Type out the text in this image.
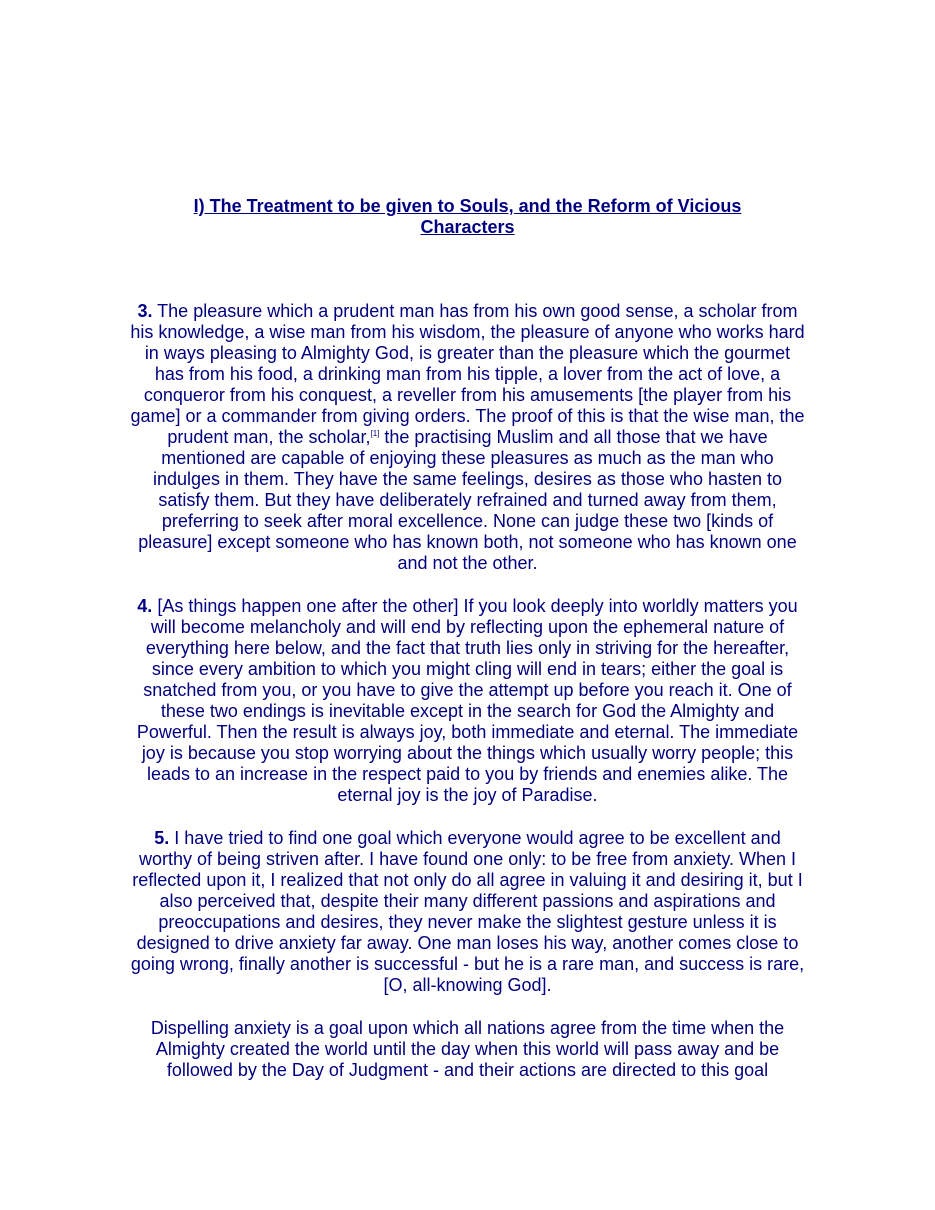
I) The Treatment to be given to Souls, and the Reform of Vicious
Characters

3. The pleasure which a prudent man has from his own good sense, a scholar from his knowledge, a wise man from his wisdom, the pleasure of anyone who works hard in ways pleasing to Almighty God, is greater than the pleasure which the gourmet has from his food, a drinking man from his tipple, a lover from the act of love, a conqueror from his conquest, a reveller from his amusements [the player from his game] or a commander from giving orders. The proof of this is that the wise man, the prudent man, the scholar,[1] the practising Muslim and all those that we have mentioned are capable of enjoying these pleasures as much as the man who indulges in them. They have the same feelings, desires as those who hasten to satisfy them. But they have deliberately refrained and turned away from them, preferring to seek after moral excellence. None can judge these two [kinds of pleasure] except someone who has known both, not someone who has known one and not the other.

4. [As things happen one after the other] If you look deeply into worldly matters you will become melancholy and will end by reflecting upon the ephemeral nature of everything here below, and the fact that truth lies only in striving for the hereafter, since every ambition to which you might cling will end in tears; either the goal is snatched from you, or you have to give the attempt up before you reach it. One of these two endings is inevitable except in the search for God the Almighty and Powerful. Then the result is always joy, both immediate and eternal. The immediate joy is because you stop worrying about the things which usually worry people; this leads to an increase in the respect paid to you by friends and enemies alike. The eternal joy is the joy of Paradise.

5. I have tried to find one goal which everyone would agree to be excellent and worthy of being striven after. I have found one only: to be free from anxiety. When I reflected upon it, I realized that not only do all agree in valuing it and desiring it, but I also perceived that, despite their many different passions and aspirations and preoccupations and desires, they never make the slightest gesture unless it is designed to drive anxiety far away. One man loses his way, another comes close to going wrong, finally another is successful - but he is a rare man, and success is rare, [O, all-knowing God].

Dispelling anxiety is a goal upon which all nations agree from the time when the Almighty created the world until the day when this world will pass away and be followed by the Day of Judgment - and their actions are directed to this goal
